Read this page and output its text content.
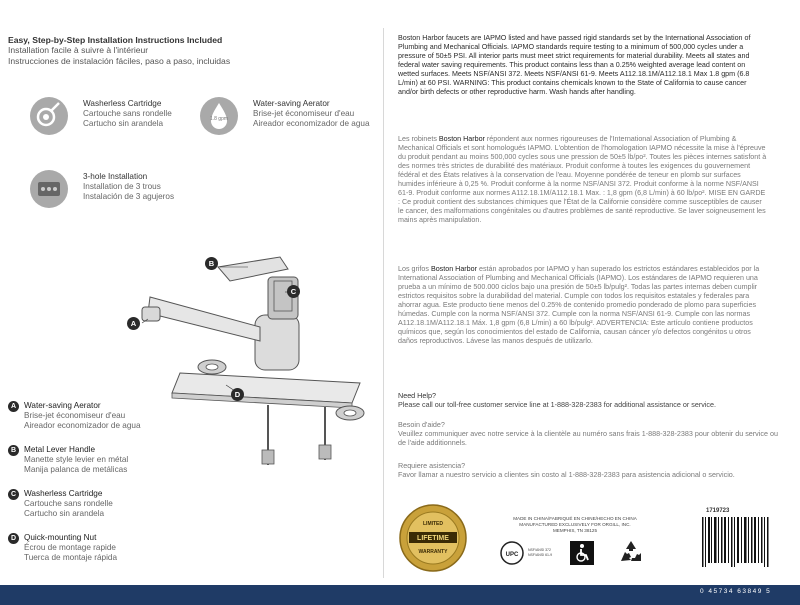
Easy, Step-by-Step Installation Instructions Included
Installation facile à suivre à l'intérieur
Instrucciones de instalación fáciles, paso a paso, incluidas
Washerless Cartridge
Cartouche sans rondelle
Cartucho sin arandela
1.8 gpm
Water-saving Aerator
Brise-jet économiseur d'eau
Aireador economizador de agua
3-hole Installation
Installation de 3 trous
Instalación de 3 agujeros
A
B
C
D
A Water-saving Aerator
Brise-jet économiseur d'eau
Aireador economizador de agua
B Metal Lever Handle
Manette style levier en métal
Manija palanca de metálicas
C Washerless Cartridge
Cartouche sans rondelle
Cartucho sin arandela
D Quick-mounting Nut
Écrou de montage rapide
Tuerca de montaje rápida
Boston Harbor faucets are IAPMO listed and have passed rigid standards set by the International Association of Plumbing and Mechanical Officials. IAPMO standards require testing to a minimum of 500,000 cycles under a pressure of 50±5 PSI. All interior parts must meet strict requirements for material durability. Meets all states and federal water saving requirements. This product contains less than a 0.25% weighted average lead content on wetted surfaces. Meets NSF/ANSI 372. Meets NSF/ANSI 61-9. Meets A112.18.1M/A112.18.1 Max 1.8 gpm (6.8 L/min) at 60 PSI. WARNING: This product contains chemicals known to the State of California to cause cancer and/or birth defects or other reproductive harm. Wash hands after handling.
Les robinets Boston Harbor répondent aux normes rigoureuses de l'International Association of Plumbing & Mechanical Officials et sont homologués IAPMO. L'obtention de l'homologation IAPMO nécessite la mise à l'épreuve du produit pendant au moins 500,000 cycles sous une pression de 50±5 lb/po². Toutes les pièces internes satisfont à des normes très strictes de durabilité des matériaux. Produit conforme à toutes les exigences du gouvernement fédéral et des États relatives à la conservation de l'eau. Moyenne pondérée de teneur en plomb sur surfaces humides inférieure à 0,25 %. Produit conforme à la norme NSF/ANSI 372. Produit conforme à la norme NSF/ANSI 61-9. Produit conforme aux normes A112.18.1M/A112.18.1 Max. : 1,8 gpm (6,8 L/min) à 60 lb/po². MISE EN GARDE : Ce produit contient des substances chimiques que l'État de la Californie considère comme susceptibles de causer le cancer, des malformations congénitales ou d'autres problèmes de santé reproductive. Se laver soigneusement les mains après manipulation.
Los grifos Boston Harbor están aprobados por IAPMO y han superado los estrictos estándares establecidos por la International Association of Plumbing and Mechanical Officials (IAPMO). Los estándares de IAPMO requieren una prueba a un mínimo de 500.000 ciclos bajo una presión de 50±5 lb/pulg². Todas las partes internas deben cumplir estrictos requisitos sobre la durabilidad del material. Cumple con todos los requisitos estatales y federales para ahorrar agua. Este producto tiene menos del 0.25% de contenido promedio ponderado de plomo para superficies húmedas. Cumple con la norma NSF/ANSI 372. Cumple con la norma NSF/ANSI 61-9. Cumple con las normas A112.18.1M/A112.18.1 Máx. 1,8 gpm (6,8 L/min) a 60 lb/pulg². ADVERTENCIA: Este artículo contiene productos químicos que, según los conocimientos del estado de California, causan cáncer y/o defectos congénitos u otros daños reproductivos. Lávese las manos después de utilizarlo.
Need Help?
Please call our toll-free customer service line at 1-888-328-2383 for additional assistance or service.
Besoin d'aide?
Veuillez communiquer avec notre service à la clientèle au numéro sans frais 1-888-328-2383 pour obtenir du service ou de l'aide additionnels.
Requiere asistencia?
Favor llamar a nuestro servicio a clientes sin costo al 1-888-328-2383 para asistencia adicional o servicio.
LIMITED
LIFETIME
WARRANTY
MADE IN CHINA/FABRIQUÉ EN CHINE/HECHO EN CHINA
MANUFACTURED EXCLUSIVELY FOR ORGILL, INC.
MEMPHIS, TN 38125
UPC
NSF/ANSI 372
NSF/ANSI 61-9
1719723
0 45734 63849 5
